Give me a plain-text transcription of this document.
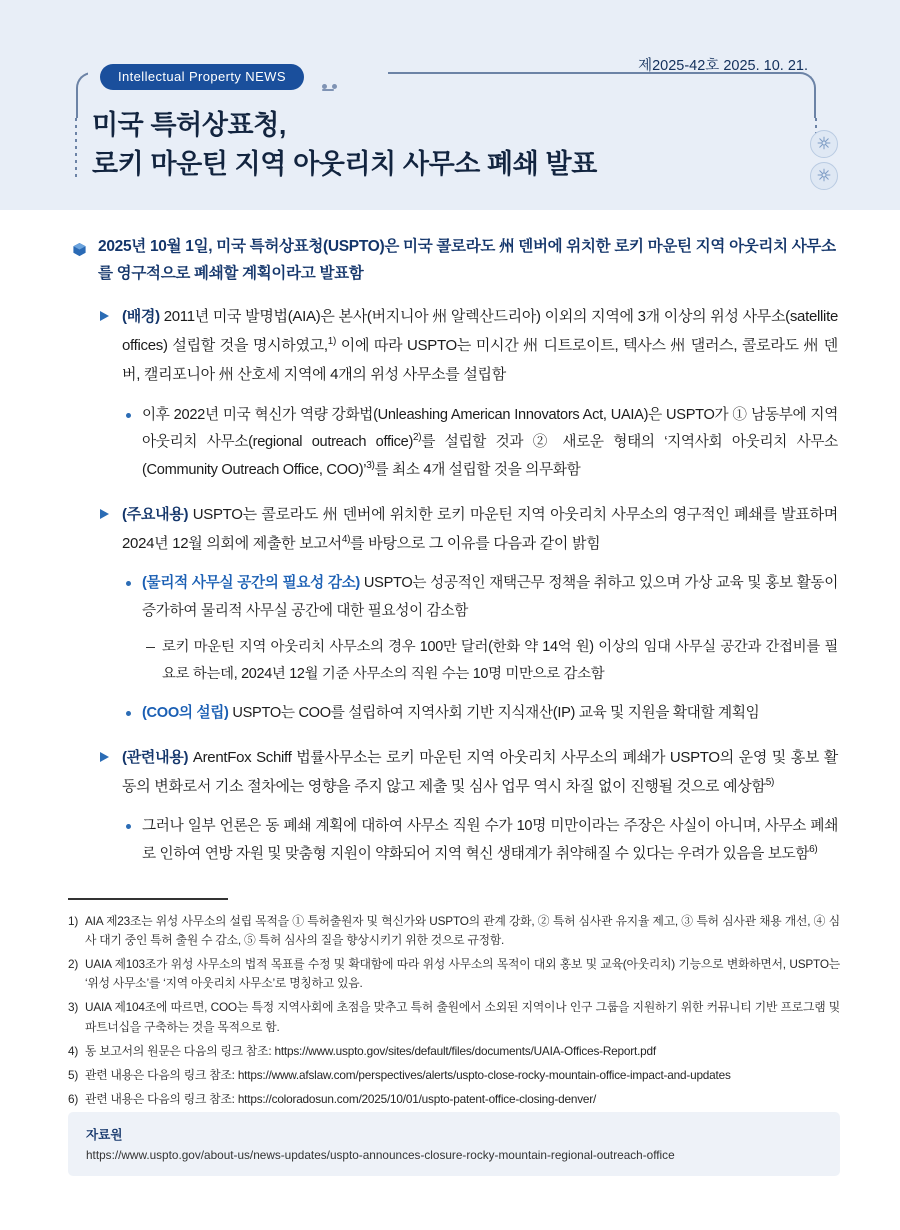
제2025-42호 2025. 10. 21.
Intellectual Property NEWS
미국 특허상표청,
로키 마운틴 지역 아웃리치 사무소 폐쇄 발표
2025년 10월 1일, 미국 특허상표청(USPTO)은 미국 콜로라도 州 덴버에 위치한 로키 마운틴 지역 아웃리치 사무소를 영구적으로 폐쇄할 계획이라고 발표함
(배경) 2011년 미국 발명법(AIA)은 본사(버지니아 州 알렉산드리아) 이외의 지역에 3개 이상의 위성 사무소(satellite offices) 설립할 것을 명시하였고,$^{1)}$ 이에 따라 USPTO는 미시간 州 디트로이트, 텍사스 州 댈러스, 콜로라도 州 덴버, 캘리포니아 州 산호세 지역에 4개의 위성 사무소를 설립함
이후 2022년 미국 혁신가 역량 강화법(Unleashing American Innovators Act, UAIA)은 USPTO가 ① 남동부에 지역 아웃리치 사무소(regional outreach office)$^{2)}$를 설립할 것과 ② 새로운 형태의 ‘지역사회 아웃리치 사무소(Community Outreach Office, COO)’$^{3)}$를 최소 4개 설립할 것을 의무화함
(주요내용) USPTO는 콜로라도 州 덴버에 위치한 로키 마운틴 지역 아웃리치 사무소의 영구적인 폐쇄를 발표하며 2024년 12월 의회에 제출한 보고서$^{4)}$를 바탕으로 그 이유를 다음과 같이 밝힘
(물리적 사무실 공간의 필요성 감소) USPTO는 성공적인 재택근무 정책을 취하고 있으며 가상 교육 및 홍보 활동이 증가하여 물리적 사무실 공간에 대한 필요성이 감소함
로키 마운틴 지역 아웃리치 사무소의 경우 100만 달러(한화 약 14억 원) 이상의 임대 사무실 공간과 간접비를 필요로 하는데, 2024년 12월 기준 사무소의 직원 수는 10명 미만으로 감소함
(COO의 설립) USPTO는 COO를 설립하여 지역사회 기반 지식재산(IP) 교육 및 지원을 확대할 계획임
(관련내용) ArentFox Schiff 법률사무소는 로키 마운틴 지역 아웃리치 사무소의 폐쇄가 USPTO의 운영 및 홍보 활동의 변화로서 기소 절차에는 영향을 주지 않고 제출 및 심사 업무 역시 차질 없이 진행될 것으로 예상함$^{5)}$
그러나 일부 언론은 동 폐쇄 계획에 대하여 사무소 직원 수가 10명 미만이라는 주장은 사실이 아니며, 사무소 폐쇄로 인하여 연방 자원 및 맞춤형 지원이 약화되어 지역 혁신 생태계가 취약해질 수 있다는 우려가 있음을 보도함$^{6)}$
1) AIA 제23조는 위성 사무소의 설립 목적을 ① 특허출원자 및 혁신가와 USPTO의 관계 강화, ② 특허 심사관 유지율 제고, ③ 특허 심사관 채용 개선, ④ 심사 대기 중인 특허 출원 수 감소, ⑤ 특허 심사의 질을 향상시키기 위한 것으로 규정함.
2) UAIA 제103조가 위성 사무소의 법적 목표를 수정 및 확대함에 따라 위성 사무소의 목적이 대외 홍보 및 교육(아웃리치) 기능으로 변화하면서, USPTO는 ‘위성 사무소’를 ‘지역 아웃리치 사무소’로 명칭하고 있음.
3) UAIA 제104조에 따르면, COO는 특정 지역사회에 초점을 맞추고 특허 출원에서 소외된 지역이나 인구 그룹을 지원하기 위한 커뮤니티 기반 프로그램 및 파트너십을 구축하는 것을 목적으로 함.
4) 동 보고서의 원문은 다음의 링크 참조: https://www.uspto.gov/sites/default/files/documents/UAIA-Offices-Report.pdf
5) 관련 내용은 다음의 링크 참조: https://www.afslaw.com/perspectives/alerts/uspto-close-rocky-mountain-office-impact-and-updates
6) 관련 내용은 다음의 링크 참조: https://coloradosun.com/2025/10/01/uspto-patent-office-closing-denver/
자료원
https://www.uspto.gov/about-us/news-updates/uspto-announces-closure-rocky-mountain-regional-outreach-office
